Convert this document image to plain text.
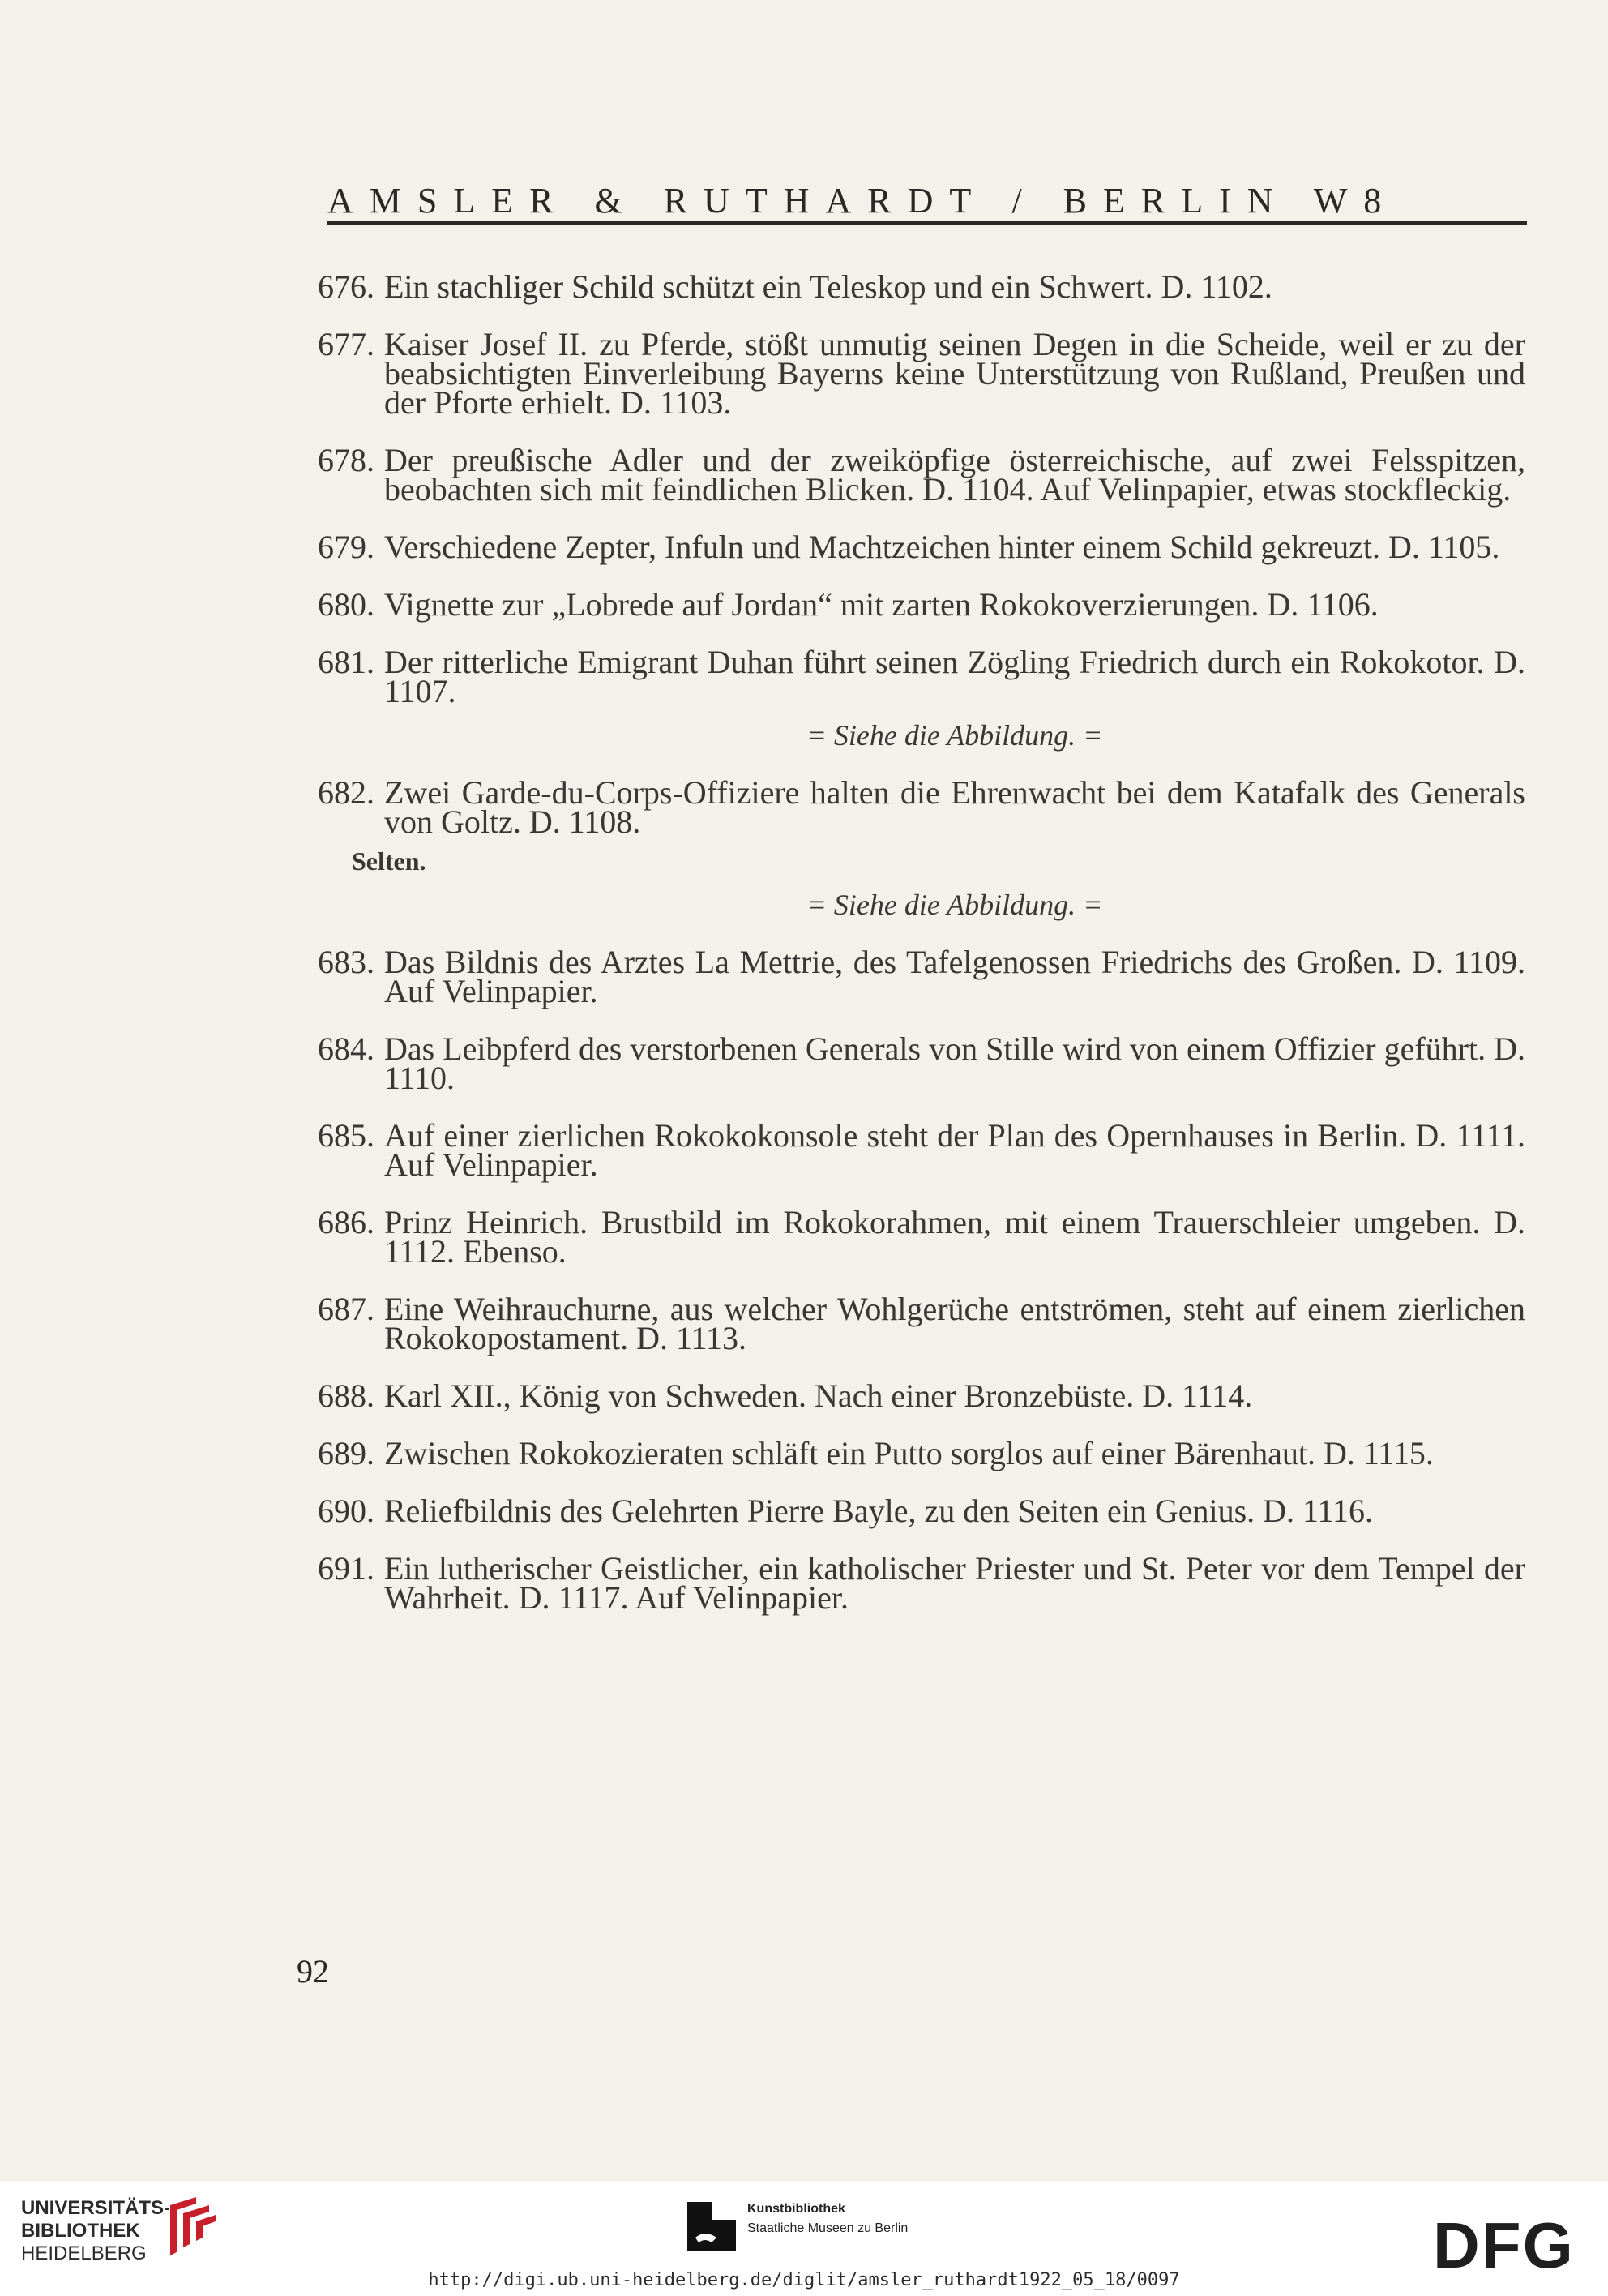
AMSLER & RUTHARDT / BERLIN W8
676. Ein stachliger Schild schützt ein Teleskop und ein Schwert. D. 1102.
677. Kaiser Josef II. zu Pferde, stößt unmutig seinen Degen in die Scheide, weil er zu der beabsichtigten Einverleibung Bayerns keine Unterstützung von Rußland, Preußen und der Pforte erhielt. D. 1103.
678. Der preußische Adler und der zweiköpfige österreichische, auf zwei Felsspitzen, beobachten sich mit feindlichen Blicken. D. 1104. Auf Velinpapier, etwas stockfleckig.
679. Verschiedene Zepter, Infuln und Machtzeichen hinter einem Schild gekreuzt. D. 1105.
680. Vignette zur „Lobrede auf Jordan“ mit zarten Rokokoverzierungen. D. 1106.
681. Der ritterliche Emigrant Duhan führt seinen Zögling Friedrich durch ein Rokokotor. D. 1107.
= Siehe die Abbildung. =
682. Zwei Garde-du-Corps-Offiziere halten die Ehrenwacht bei dem Katafalk des Generals von Goltz. D. 1108.
Selten.
= Siehe die Abbildung. =
683. Das Bildnis des Arztes La Mettrie, des Tafelgenossen Friedrichs des Großen. D. 1109. Auf Velinpapier.
684. Das Leibpferd des verstorbenen Generals von Stille wird von einem Offizier geführt. D. 1110.
685. Auf einer zierlichen Rokokokonsole steht der Plan des Opernhauses in Berlin. D. 1111. Auf Velinpapier.
686. Prinz Heinrich. Brustbild im Rokokorahmen, mit einem Trauerschleier umgeben. D. 1112. Ebenso.
687. Eine Weihrauchurne, aus welcher Wohlgerüche entströmen, steht auf einem zierlichen Rokokopostament. D. 1113.
688. Karl XII., König von Schweden. Nach einer Bronzebüste. D. 1114.
689. Zwischen Rokokozieraten schläft ein Putto sorglos auf einer Bärenhaut. D. 1115.
690. Reliefbildnis des Gelehrten Pierre Bayle, zu den Seiten ein Genius. D. 1116.
691. Ein lutherischer Geistlicher, ein katholischer Priester und St. Peter vor dem Tempel der Wahrheit. D. 1117. Auf Velinpapier.
92
UNIVERSITÄTS-
BIBLIOTHEK
HEIDELBERG
Kunstbibliothek
Staatliche Museen zu Berlin	DFG
http://digi.ub.uni-heidelberg.de/diglit/amsler_ruthardt1922_05_18/0097
